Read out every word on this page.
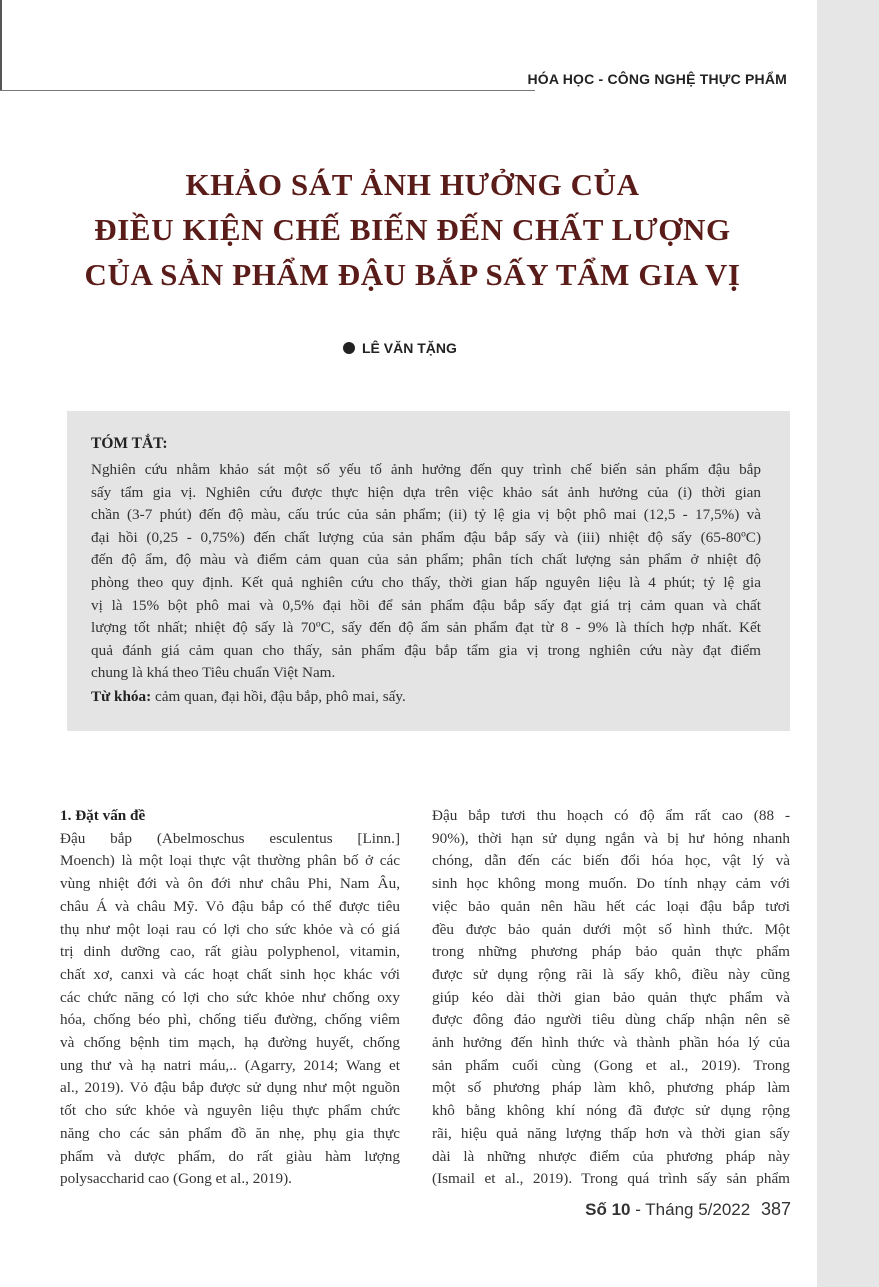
HÓA HỌC - CÔNG NGHỆ THỰC PHẨM
KHẢO SÁT ẢNH HƯỞNG CỦA
ĐIỀU KIỆN CHẾ BIẾN ĐẾN CHẤT LƯỢNG
CỦA SẢN PHẨM ĐẬU BẮP SẤY TẨM GIA VỊ
LÊ VĂN TẶNG
TÓM TẮT:
Nghiên cứu nhằm khảo sát một số yếu tố ảnh hưởng đến quy trình chế biến sản phẩm đậu bắp
sấy tẩm gia vị. Nghiên cứu được thực hiện dựa trên việc khảo sát ảnh hưởng của (i) thời gian
chần (3-7 phút) đến độ màu, cấu trúc của sản phẩm; (ii) tỷ lệ gia vị bột phô mai (12,5 - 17,5%) và
đại hồi (0,25 - 0,75%) đến chất lượng của sản phẩm đậu bắp sấy và (iii) nhiệt độ sấy (65-80ºC)
đến độ ẩm, độ màu và điểm cảm quan của sản phẩm; phân tích chất lượng sản phẩm ở nhiệt độ
phòng theo quy định. Kết quả nghiên cứu cho thấy, thời gian hấp nguyên liệu là 4 phút; tỷ lệ gia
vị là 15% bột phô mai và 0,5% đại hồi để sản phẩm đậu bắp sấy đạt giá trị cảm quan và chất
lượng tốt nhất; nhiệt độ sấy là 70ºC, sấy đến độ ẩm sản phẩm đạt từ 8 - 9% là thích hợp nhất. Kết
quả đánh giá cảm quan cho thấy, sản phẩm đậu bắp tẩm gia vị trong nghiên cứu này đạt điểm
chung là khá theo Tiêu chuẩn Việt Nam.
Từ khóa: cảm quan, đại hồi, đậu bắp, phô mai, sấy.
1. Đặt vấn đề
Đậu bắp (Abelmoschus esculentus [Linn.]
Moench) là một loại thực vật thường phân bố ở các
vùng nhiệt đới và ôn đới như châu Phi, Nam Âu,
châu Á và châu Mỹ. Vỏ đậu bắp có thể được tiêu
thụ như một loại rau có lợi cho sức khỏe và có giá
trị dinh dưỡng cao, rất giàu polyphenol, vitamin,
chất xơ, canxi và các hoạt chất sinh học khác với
các chức năng có lợi cho sức khỏe như chống oxy
hóa, chống béo phì, chống tiểu đường, chống viêm
và chống bệnh tim mạch, hạ đường huyết, chống
ung thư và hạ natri máu,.. (Agarry, 2014; Wang et
al., 2019). Vỏ đậu bắp được sử dụng như một nguồn
tốt cho sức khỏe và nguyên liệu thực phẩm chức
năng cho các sản phẩm đồ ăn nhẹ, phụ gia thực
phẩm và dược phẩm, do rất giàu hàm lượng
polysaccharid cao (Gong et al., 2019).
Đậu bắp tươi thu hoạch có độ ẩm rất cao (88 -
90%), thời hạn sử dụng ngắn và bị hư hỏng nhanh
chóng, dẫn đến các biến đổi hóa học, vật lý và
sinh học không mong muốn. Do tính nhạy cảm với
việc bảo quản nên hầu hết các loại đậu bắp tươi
đều được bảo quản dưới một số hình thức. Một
trong những phương pháp bảo quản thực phẩm
được sử dụng rộng rãi là sấy khô, điều này cũng
giúp kéo dài thời gian bảo quản thực phẩm và
được đông đảo người tiêu dùng chấp nhận nên sẽ
ảnh hưởng đến hình thức và thành phần hóa lý của
sản phẩm cuối cùng (Gong et al., 2019). Trong
một số phương pháp làm khô, phương pháp làm
khô bằng không khí nóng đã được sử dụng rộng
rãi, hiệu quả năng lượng thấp hơn và thời gian sấy
dài là những nhược điểm của phương pháp này
(Ismail et al., 2019). Trong quá trình sấy sản phẩm
Số 10 - Tháng 5/2022 387
